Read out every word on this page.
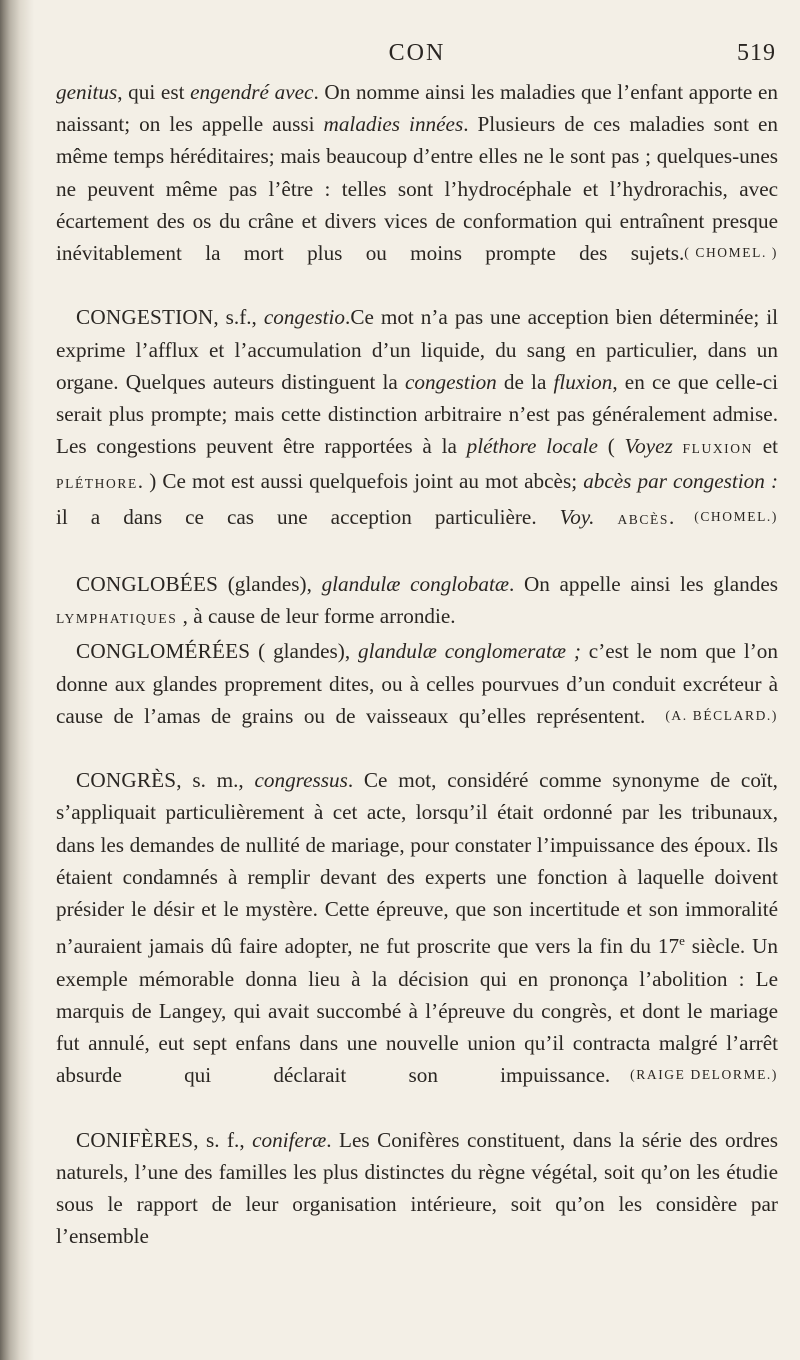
CON	519

genitus, qui est engendré avec. On nomme ainsi les maladies que l’enfant apporte en naissant; on les appelle aussi maladies innées. Plusieurs de ces maladies sont en même temps héréditaires; mais beaucoup d’entre elles ne le sont pas ; quelques-unes ne peuvent même pas l’être : telles sont l’hydrocéphale et l’hydrorachis, avec écartement des os du crâne et divers vices de conformation qui entraînent presque inévitablement la mort plus ou moins prompte des sujets. ( CHOMEL. )

CONGESTION, s.f., congestio.Ce mot n’a pas une acception bien déterminée; il exprime l’afflux et l’accumulation d’un liquide, du sang en particulier, dans un organe. Quelques auteurs distinguent la congestion de la fluxion, en ce que celle-ci serait plus prompte; mais cette distinction arbitraire n’est pas généralement admise. Les congestions peuvent être rapportées à la pléthore locale ( Voyez FLUXION et PLÉTHORE. ) Ce mot est aussi quelquefois joint au mot abcès; abcès par congestion : il a dans ce cas une acception particulière. Voy. ABCÈS.	(CHOMEL.)

CONGLOBÉES (glandes), glandulæ conglobatæ. On appelle ainsi les glandes LYMPHATIQUES , à cause de leur forme arrondie.

CONGLOMÉRÉES ( glandes), glandulæ conglomeratæ ; c’est le nom que l’on donne aux glandes proprement dites, ou à celles pourvues d’un conduit excréteur à cause de l’amas de grains ou de vaisseaux qu’elles représentent.	(A. BÉCLARD.)

CONGRÈS, s. m., congressus. Ce mot, considéré comme synonyme de coït, s’appliquait particulièrement à cet acte, lorsqu’il était ordonné par les tribunaux, dans les demandes de nullité de mariage, pour constater l’impuissance des époux. Ils étaient condamnés à remplir devant des experts une fonction à laquelle doivent présider le désir et le mystère. Cette épreuve, que son incertitude et son immoralité n’auraient jamais dû faire adopter, ne fut proscrite que vers la fin du 17e siècle. Un exemple mémorable donna lieu à la décision qui en prononça l’abolition : Le marquis de Langey, qui avait succombé à l’épreuve du congrès, et dont le mariage fut annulé, eut sept enfans dans une nouvelle union qu’il contracta malgré l’arrêt absurde qui déclarait son impuissance.	(RAIGE DELORME.)

CONIFÈRES, s. f., coniferæ. Les Conifères constituent, dans la série des ordres naturels, l’une des familles les plus distinctes du règne végétal, soit qu’on les étudie sous le rapport de leur organisation intérieure, soit qu’on les considère par l’ensemble
